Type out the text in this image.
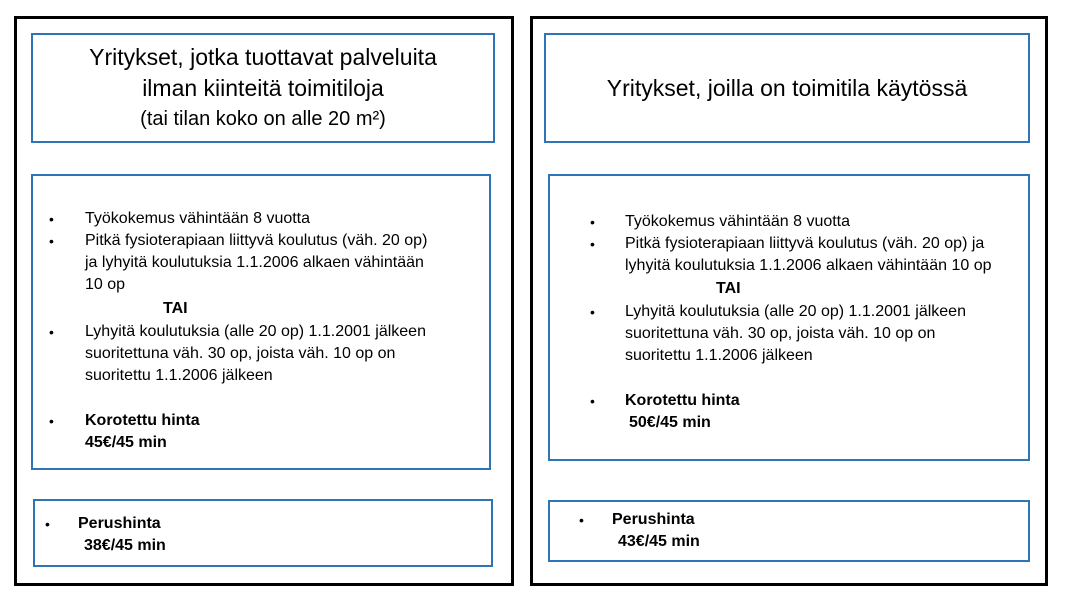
Yritykset, jotka tuottavat palveluita
ilman kiinteitä toimitiloja
(tai tilan koko on alle 20 m²)
• Työkokemus vähintään 8 vuotta
• Pitkä fysioterapiaan liittyvä koulutus (väh. 20 op)
ja lyhyitä koulutuksia 1.1.2006 alkaen vähintään
10 op
TAI
• Lyhyitä koulutuksia (alle 20 op) 1.1.2001 jälkeen
suoritettuna väh. 30 op, joista väh. 10 op on
suoritettu 1.1.2006 jälkeen
• Korotettu hinta
45€/45 min
• Perushinta
38€/45 min
Yritykset, joilla on toimitila käytössä
• Työkokemus vähintään 8 vuotta
• Pitkä fysioterapiaan liittyvä koulutus (väh. 20 op) ja
lyhyitä koulutuksia 1.1.2006 alkaen vähintään 10 op
TAI
• Lyhyitä koulutuksia (alle 20 op) 1.1.2001 jälkeen
suoritettuna väh. 30 op, joista väh. 10 op on
suoritettu 1.1.2006 jälkeen
• Korotettu hinta
50€/45 min
• Perushinta
43€/45 min
